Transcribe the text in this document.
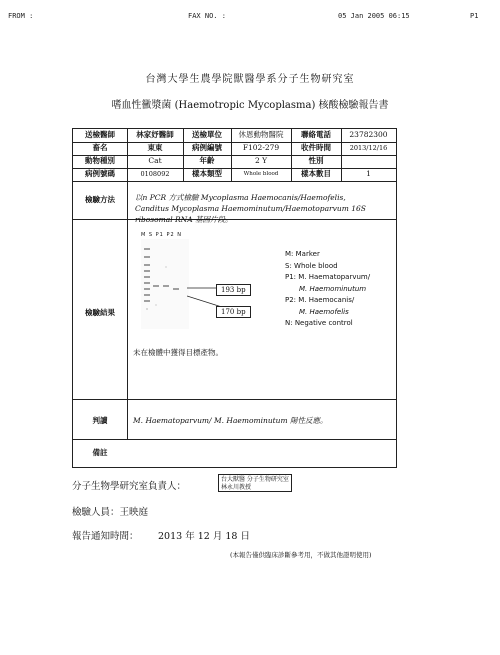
FROM :	FAX NO. :	05 Jan 2005 06:15	P1
台灣大學生農學院獸醫學系分子生物研究室
嗜血性黴漿菌 (Haemotropic Mycoplasma) 核酸檢驗報告書
送檢醫師	林家妤醫師	送檢單位	休恩動物醫院	聯絡電話	23782300
畜名	東東	病例編號	F102-279	收件時間	2013/12/16
動物種別	Cat	年齡	2 Y	性別
病例號碼	0108092	樣本類型	Whole blood	樣本數目	1
檢驗方法	以n PCR 方式檢驗 Mycoplasma Haemocanis/Haemofelis,
Canditus Mycoplasma Haemominutum/Haemotoparvum 16S
ribosomal RNA 基因片段。
檢驗結果
M S P1 P2 N
193 bp
170 bp
M: Marker
S: Whole blood
P1: M. Haematoparvum/
M. Haemominutum
P2: M. Haemocanis/
M. Haemofelis
N: Negative control
未在檢體中獲得目標產物。
判讀	M. Haematoparvum/ M. Haemominutum 陽性反應。
備註
分子生物學研究室負責人：
台大獸醫 分子生物研究室 林永川教授
檢驗人員：王映庭
報告通知時間： 2013 年 12 月 18 日
(本報告僅供臨床診斷參考用，不做其他證明使用)
